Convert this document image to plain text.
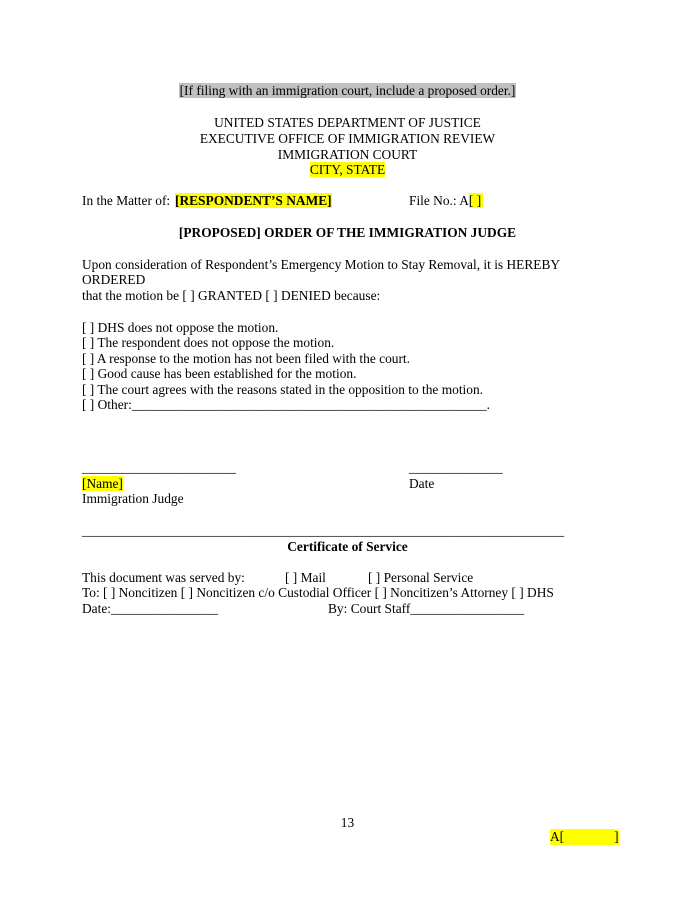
[If filing with an immigration court, include a proposed order.]
UNITED STATES DEPARTMENT OF JUSTICE
EXECUTIVE OFFICE OF IMMIGRATION REVIEW
IMMIGRATION COURT
CITY, STATE
In the Matter of: [RESPONDENT’S NAME]	File No.: A[ ]
[PROPOSED] ORDER OF THE IMMIGRATION JUDGE
Upon consideration of Respondent’s Emergency Motion to Stay Removal, it is HEREBY
ORDERED
that the motion be [ ] GRANTED [ ] DENIED because:
[ ] DHS does not oppose the motion.
[ ] The respondent does not oppose the motion.
[ ] A response to the motion has not been filed with the court.
[ ] Good cause has been established for the motion.
[ ] The court agrees with the reasons stated in the opposition to the motion.
[ ] Other:_____________________________________________________.
_______________________	______________
[Name]	Date
Immigration Judge
________________________________________________________________________
Certificate of Service
This document was served by:	[ ] Mail	[ ] Personal Service
To: [ ] Noncitizen [ ] Noncitizen c/o Custodial Officer [ ] Noncitizen’s Attorney [ ] DHS
Date:________________	By: Court Staff_________________
13
A[	]
